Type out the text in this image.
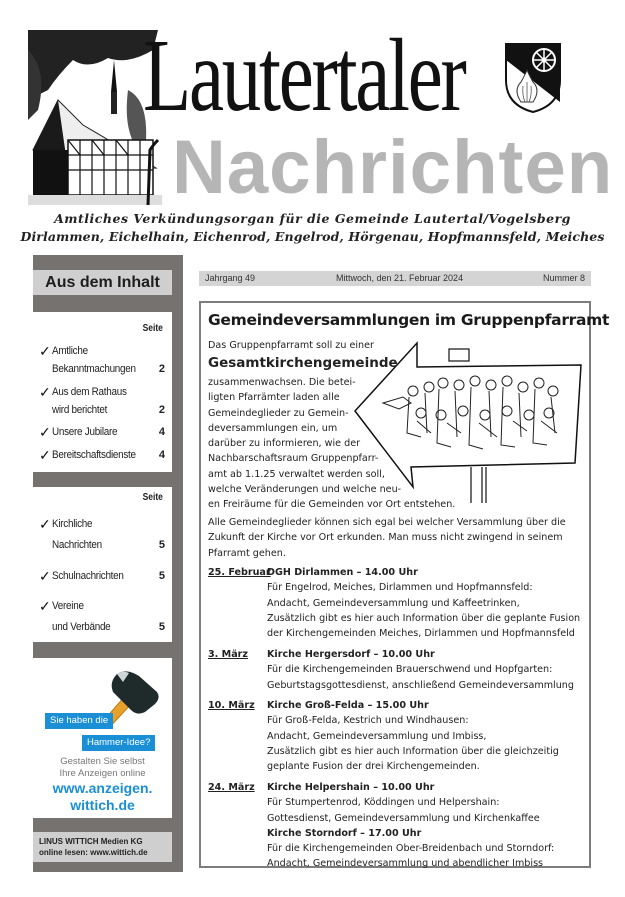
Lautertaler
Nachrichten
Amtliches Verkündungsorgan für die Gemeinde Lautertal/Vogelsberg
Dirlammen, Eichelhain, Eichenrod, Engelrod, Hörgenau, Hopfmannsfeld, Meiches
Aus dem Inhalt
Seite
✓ Amtliche
Bekanntmachungen	2
✓ Aus dem Rathaus
wird berichtet	2
✓ Unsere Jubilare	4
✓ Bereitschaftsdienste	4
Seite
✓ Kirchliche
Nachrichten	5
✓ Schulnachrichten	5
✓ Vereine
und Verbände	5
Sie haben die
Hammer-Idee?
Gestalten Sie selbst
Ihre Anzeigen online
www.anzeigen.
wittich.de
LINUS WITTICH Medien KG
online lesen: www.wittich.de
Jahrgang 49	Mittwoch, den 21. Februar 2024	Nummer 8
Gemeindeversammlungen im Gruppenpfarramt
Das Gruppenpfarramt soll zu einer
Gesamtkirchengemeinde
zusammenwachsen. Die betei-
ligten Pfarrämter laden alle
Gemeindeglieder zu Gemein-
deversammlungen ein, um
darüber zu informieren, wie der
Nachbarschaftsraum Gruppenpfarr-
amt ab 1.1.25 verwaltet werden soll,
welche Veränderungen und welche neu-
en Freiräume für die Gemeinden vor Ort entstehen.
Alle Gemeindeglieder können sich egal bei welcher Versammlung über die
Zukunft der Kirche vor Ort erkunden. Man muss nicht zwingend in seinem
Pfarramt gehen.
25. Februar
DGH Dirlammen – 14.00 Uhr
Für Engelrod, Meiches, Dirlammen und Hopfmannsfeld:
Andacht, Gemeindeversammlung und Kaffeetrinken,
Zusätzlich gibt es hier auch Information über die geplante Fusion
der Kirchengemeinden Meiches, Dirlammen und Hopfmannsfeld
3. März Kirche Hergersdorf – 10.00 Uhr
Für die Kirchengemeinden Brauerschwend und Hopfgarten:
Geburtstagsgottesdienst, anschließend Gemeindeversammlung
10. März Kirche Groß-Felda – 15.00 Uhr
Für Groß-Felda, Kestrich und Windhausen:
Andacht, Gemeindeversammlung und Imbiss,
Zusätzlich gibt es hier auch Information über die gleichzeitig
geplante Fusion der drei Kirchengemeinden.
24. März Kirche Helpershain – 10.00 Uhr
Für Stumpertenrod, Köddingen und Helpershain:
Gottesdienst, Gemeindeversammlung und Kirchenkaffee
Kirche Storndorf – 17.00 Uhr
Für die Kirchengemeinden Ober-Breidenbach und Storndorf:
Andacht, Gemeindeversammlung und abendlicher Imbiss
